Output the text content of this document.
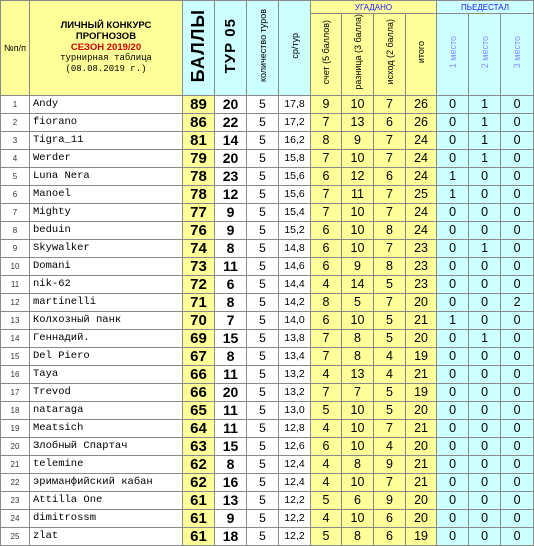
№п/п	ЛИЧНЫЙ КОНКУРС
ПРОГНОЗОВ
СЕЗОН 2019/20
турнирная таблица
(08.08.2019 г.)	БАЛЛЫ	ТУР 05	количество туров	ср/тур	УГАДАНО				ПЬЕДЕСТАЛ		
						счет (5 баллов)	разница (3 балла)	исход (2 балла)	итого	1 место	2 место	3 место
1	Andy	89	20	5	17,8	9	10	7	26	0	1	0
2	fiorano	86	22	5	17,2	7	13	6	26	0	1	0
3	Tigra_11	81	14	5	16,2	8	9	7	24	0	1	0
4	Werder	79	20	5	15,8	7	10	7	24	0	1	0
5	Luna Nera	78	23	5	15,6	6	12	6	24	1	0	0
6	Manoel	78	12	5	15,6	7	11	7	25	1	0	0
7	Mighty	77	9	5	15,4	7	10	7	24	0	0	0
8	beduin	76	9	5	15,2	6	10	8	24	0	0	0
9	Skywalker	74	8	5	14,8	6	10	7	23	0	1	0
10	Domani	73	11	5	14,6	6	9	8	23	0	0	0
11	nik-62	72	6	5	14,4	4	14	5	23	0	0	0
12	martinelli	71	8	5	14,2	8	5	7	20	0	0	2
13	Колхозный панк	70	7	5	14,0	6	10	5	21	1	0	0
14	Геннадий.	69	15	5	13,8	7	8	5	20	0	1	0
15	Del Piero	67	8	5	13,4	7	8	4	19	0	0	0
16	Taya	66	11	5	13,2	4	13	4	21	0	0	0
17	Trevod	66	20	5	13,2	7	7	5	19	0	0	0
18	nataraga	65	11	5	13,0	5	10	5	20	0	0	0
19	Meatsich	64	11	5	12,8	4	10	7	21	0	0	0
20	Злобный Спартач	63	15	5	12,6	6	10	4	20	0	0	0
21	telemine	62	8	5	12,4	4	8	9	21	0	0	0
22	эриманфийский кабан	62	16	5	12,4	4	10	7	21	0	0	0
23	Attilla One	61	13	5	12,2	5	6	9	20	0	0	0
24	dimitrossm	61	9	5	12,2	4	10	6	20	0	0	0
25	zlat	61	18	5	12,2	5	8	6	19	0	0	0
